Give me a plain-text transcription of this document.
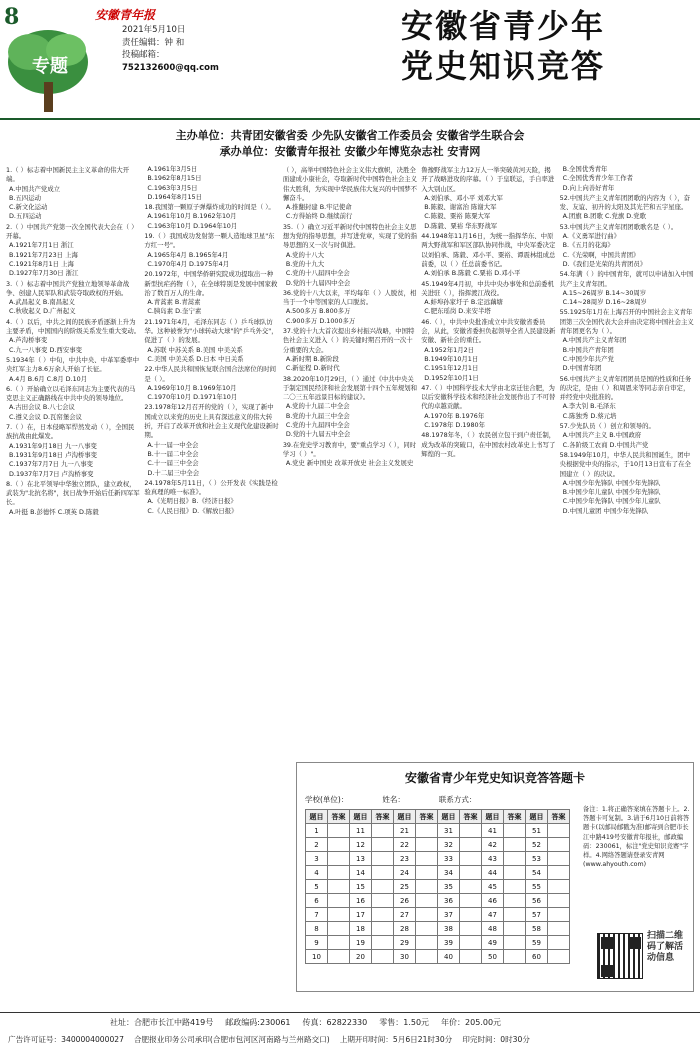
8	安徽青年报
专题
2021年5月10日
责任编辑：钟 和
投稿邮箱：
752132600@qq.com
安徽省青少年
党史知识竞答
主办单位：共青团安徽省委 少先队安徽省工作委员会 安徽省学生联合会
承办单位：安徽青年报社 安徽少年博览杂志社 安青网
1.（ ）标志着中国新民主主义革命的伟大开端。
A.中国共产党成立
B.五四运动
C.新文化运动
D.五四运动
2.（ ）中国共产党第一次全国代表大会在（ ）开幕。
A.1921年7月1日 浙江
B.1921年7月23日 上海
C.1921年8月1日 上海
D.1927年7月30日 浙江
3.（ ）标志着中国共产党独立地领导革命战争、创建人民军队和武装夺取政权的开始。
A.武昌起义 B.南昌起义
C.秋收起义 D.广州起义
4.（ ）以后，中共之间的民族矛盾逐渐上升为主要矛盾，中国国内的阶级关系发生重大变动。
A.芦沟桥事变
C.九一八事变 D.西安事变
5.1934年（ ）中旬，中共中央、中革军委率中央红军主力8.6万余人开始了长征。
A.4月 B.6月 C.8月 D.10月
6.（ ）开始确立以毛泽东同志为主要代表的马克思主义正确路线在中共中央的领导地位。
A.古田会议 B.八七会议
C.遵义会议 D.瓦窑堡会议
7.（ ）在，日本侵略军悍然发动（ ），全国民族抗战由此爆发。
A.1931年9月18日 九一八事变
B.1931年9月18日 卢沟桥事变
C.1937年7月7日 九一八事变
D.1937年7月7日 卢沟桥事变
8.（ ）在北平领导中华独立团队，建立政权，武装为"北抗名将"，抗日战争开始后任新四军军长。
A.叶挺 B.彭德怀 C.项英 D.陈毅
A.1961年3月5日
B.1962年8月15日
C.1963年3月5日
D.1964年8月15日
18.我国第一颗原子弹爆炸成功的时间是（ ）。
A.1961年10月 B.1962年10月
C.1963年10月 D.1964年10月
19.（ ）我国成功发射第一颗人造地球卫星"东方红一号"。
A.1965年4月 B.1965年4月
C.1970年4月 D.1975年4月
20.1972年，中国华侨研究院成功提取出一种新型抗疟药物（ ），在全球特别是发展中国家救治了数百万人的生命。
A.青蒿素 B.青蒿素
C.胰岛素 D.奎宁素
21.1971年4月，毛泽东同志（ ）乒乓球队访华。这种被誉为"小球转动大球"的"乒乓外交"，促进了（ ）的发展。
A.苏联 中苏关系 B.美国 中美关系
C.美国 中美关系 D.日本 中日关系
22.中华人民共和国恢复联合国合法席位的时间是（ ）。
A.1969年10月 B.1969年10月
C.1970年10月 D.1971年10月
23.1978年12月召开的党的（ ），实现了新中国成立以来党的历史上具有深远意义的伟大转折，开启了改革开放和社会主义现代化建设新时期。
A.十一届一中全会
B.十一届二中全会
C.十一届三中全会
D.十二届三中全会
24.1978年5月11日，（ ）公开发表《实践是检验真理的唯一标准》。
A.《光明日报》B.《经济日报》
C.《人民日报》D.《解放日报》
（ ），高举中国特色社会主义伟大旗帜，决胜全面建成小康社会，夺取新时代中国特色社会主义伟大胜利，为实现中华民族伟大复兴的中国梦不懈奋斗。
A.推翻封建 B.牢记使命
C.方得始终 D.继续前行
35.（ ）确立习近平新时代中国特色社会主义思想为党的指导思想，并写进党章，实现了党的指导思想的又一次与时俱进。
A.党的十八大
B.党的十九大
C.党的十八届四中全会
D.党的十九届四中全会
36.党的十八大以来，平均每年（ ）人脱贫，相当于一个中等国家的人口脱贫。
A.500多万 B.800多万
C.900多万 D.1000多万
37.党的十九大首次提出乡村振兴战略，中国特色社会主义进入（ ）的关键时期召开的一次十分重要的大会。
A.新时期 B.新阶段
C.新征程 D.新时代
38.2020年10月29日，（ ）通过《中共中央关于制定国民经济和社会发展第十四个五年规划和二〇三五年远景目标的建议》。
A.党的十九届二中全会
B.党的十九届三中全会
C.党的十九届四中全会
D.党的十九届五中全会
39.在党史学习教育中，要"重点学习（ ），同时学习（ ）"。
A.党史 新中国史 改革开放史 社会主义发展史
鲁豫野战军主力12万人一举突破黄河天险，揭开了战略进攻的序幕。（ ）于皇联运，手自率进入大别山区。
A.刘伯承、邓小平 刘邓大军
B.陈毅、谢富治 陈谢大军
C.陈毅、粟裕 陈粟大军
D.陈毅、粟裕 华东野战军
44.1948年11月16日，为统一指挥华东、中原两大野战军和军区部队协同作战，中央军委决定以刘伯承、陈毅、邓小平、粟裕、谭震林组成总前委，以（ ）任总前委书记。
A.刘伯承 B.陈毅 C.粟裕 D.邓小平
45.1949年4月初，中共中央办事处和总前委机关进驻（ ），指挥渡江战役。
A.蚌埠孙家圩子 B.定远藕塘
C.肥东瑶岗 D.来安半塔
46.（ ），中共中央批准成立中共安徽省委员会，从此，安徽省委担负起领导全省人民建设新安徽、新社会的重任。
A.1952年1月2日
B.1949年10月1日
C.1951年12月1日
D.1952年10月1日
47.（ ）中国科学技术大学由北京迁往合肥，为以后安徽科学技术和经济社会发展作出了不可替代的卓越贡献。
A.1970年 B.1976年
C.1978年 D.1980年
48.1978年冬，（ ）农民创立包干到户责任制，成为改革的突破口，在中国农村改革史上书写了辉煌的一页。
B.全国优秀青年
C.全国优秀青少年工作者
D.向上向善好青年
52.中国共产主义青年团团歌的内容为（ ），奋发、友谊、初升的太阳及其光芒和五宇星座。
A.团旗 B.团歌 C.党旗 D.党歌
53.中国共产主义青年团团歌歌名是（ ）。
A.《义勇军进行曲》
B.《五月的花海》
C.《光荣啊，中国共青团》
D.《我们是光荣的共青团员》
54.年满（ ）的中国青年，就可以申请加入中国共产主义青年团。
A.15~26周岁 B.14~30周岁
C.14~28周岁 D.16~28周岁
55.1925年1月在上海召开的中国社会主义青年团第三次全国代表大会并由决定将中国社会主义青年团更名为（ ）。
A.中国共产主义青年团
B.中国共产青年团
C.中国少年共产党
D.中国青年团
56.中国共产主义青年团团员是国的性质和任务的决定，是由（ ）和周恩来等同志亲自审定，并经党中央批准的。
A.李大钊 B.毛泽东
C.陈独秀 D.蔡元培
57.少先队员（ ）创立和领导的。
A.中国共产主义 B.中国政府
C.各阶级工农商 D.中国共产党
58.1949年10月，中华人民共和国诞生，团中央根据党中央的指示，于10月13日宣布了在全国建立（ ）的决议。
A.中国少年先锋队 中国少年先锋队
B.中国少年儿童队 中国少年先锋队
C.中国少年先锋队 中国少年儿童队
D.中国儿童团 中国少年先锋队
安徽省青少年党史知识竞答答题卡
学校(单位)：	姓名：	联系方式：
题目	答案	题目	答案	题目	答案	题目	答案	题目	答案	题目	答案
1		11		21		31		41		51	
2		12		22		32		42		52	
3		13		23		33		43		53	
4		14		24		34		44		54	
5		15		25		35		45		55	
6		16		26		36		46		56	
7		17		27		37		47		57	
8		18		28		38		48		58	
9		19		29		39		49		59	
10		20		30		40		50		60	
备注：1.将正确答案填在答题卡上。2.答题卡可复制。3.请于6月10日前将答题卡(以邮局邮戳为准)邮寄到合肥市长江中路419号安徽青年报社，邮政编码：230061，标注"党史知识竞赛"字样。4.网络答题请登录安青网(www.ahyouth.com)
扫描二维码了解活动信息
社址：合肥市长江中路419号 邮政编码:230061 传真：62822330 零售：1.50元 年价：205.00元
广告许可证号：3400004000027 合肥报业印务公司承印(合肥市包河区河南路与兰州路交口) 上期开印时间：5月6日21时30分 印完时间：0时30分
